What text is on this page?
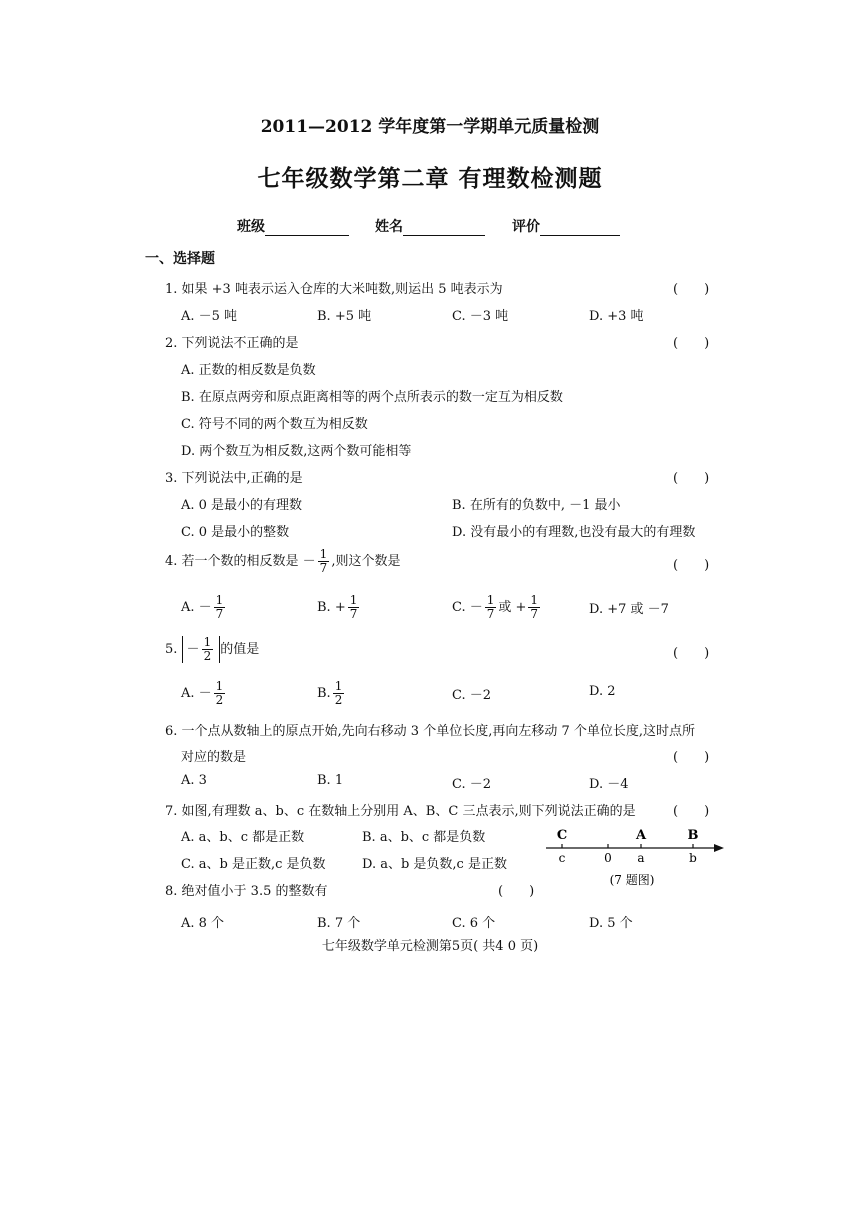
2011—2012 学年度第一学期单元质量检测
七年级数学第二章 有理数检测题
班级	姓名	评价
一、选择题
1. 如果 +3 吨表示运入仓库的大米吨数,则运出 5 吨表示为	(　　)
A. －5 吨	B. +5 吨	C. －3 吨	D. +3 吨
2. 下列说法不正确的是	(　　)
A. 正数的相反数是负数
B. 在原点两旁和原点距离相等的两个点所表示的数一定互为相反数
C. 符号不同的两个数互为相反数
D. 两个数互为相反数,这两个数可能相等
3. 下列说法中,正确的是	(　　)
A. 0 是最小的有理数	B. 在所有的负数中, －1 最小
C. 0 是最小的整数	D. 没有最小的有理数,也没有最大的有理数
4. 若一个数的相反数是 － $\frac{1}{7}$ ,则这个数是	(　　)
A. － $\frac{1}{7}$	B. + $\frac{1}{7}$	C. － $\frac{1}{7}$ 或 + $\frac{1}{7}$	D. +7 或 －7
5. － $\frac{1}{2}$ 的值是	(　　)
A. － $\frac{1}{2}$	B. $\frac{1}{2}$	C. －2	D. 2
6. 一个点从数轴上的原点开始,先向右移动 3 个单位长度,再向左移动 7 个单位长度,这时点所
对应的数是	(　　)
A. 3	B. 1	C. －2	D. －4
7. 如图,有理数 a、b、c 在数轴上分别用 A、B、C 三点表示,则下列说法正确的是	(　　)
A. a、b、c 都是正数	B. a、b、c 都是负数
C. a、b 是正数,c 是负数	D. a、b 是负数,c 是正数
C	A	B
c	0 a	b
(7 题图)
8. 绝对值小于 3.5 的整数有	(　　)
A. 8 个	B. 7 个	C. 6 个	D. 5 个
七年级数学单元检测第5页( 共4 0 页)
